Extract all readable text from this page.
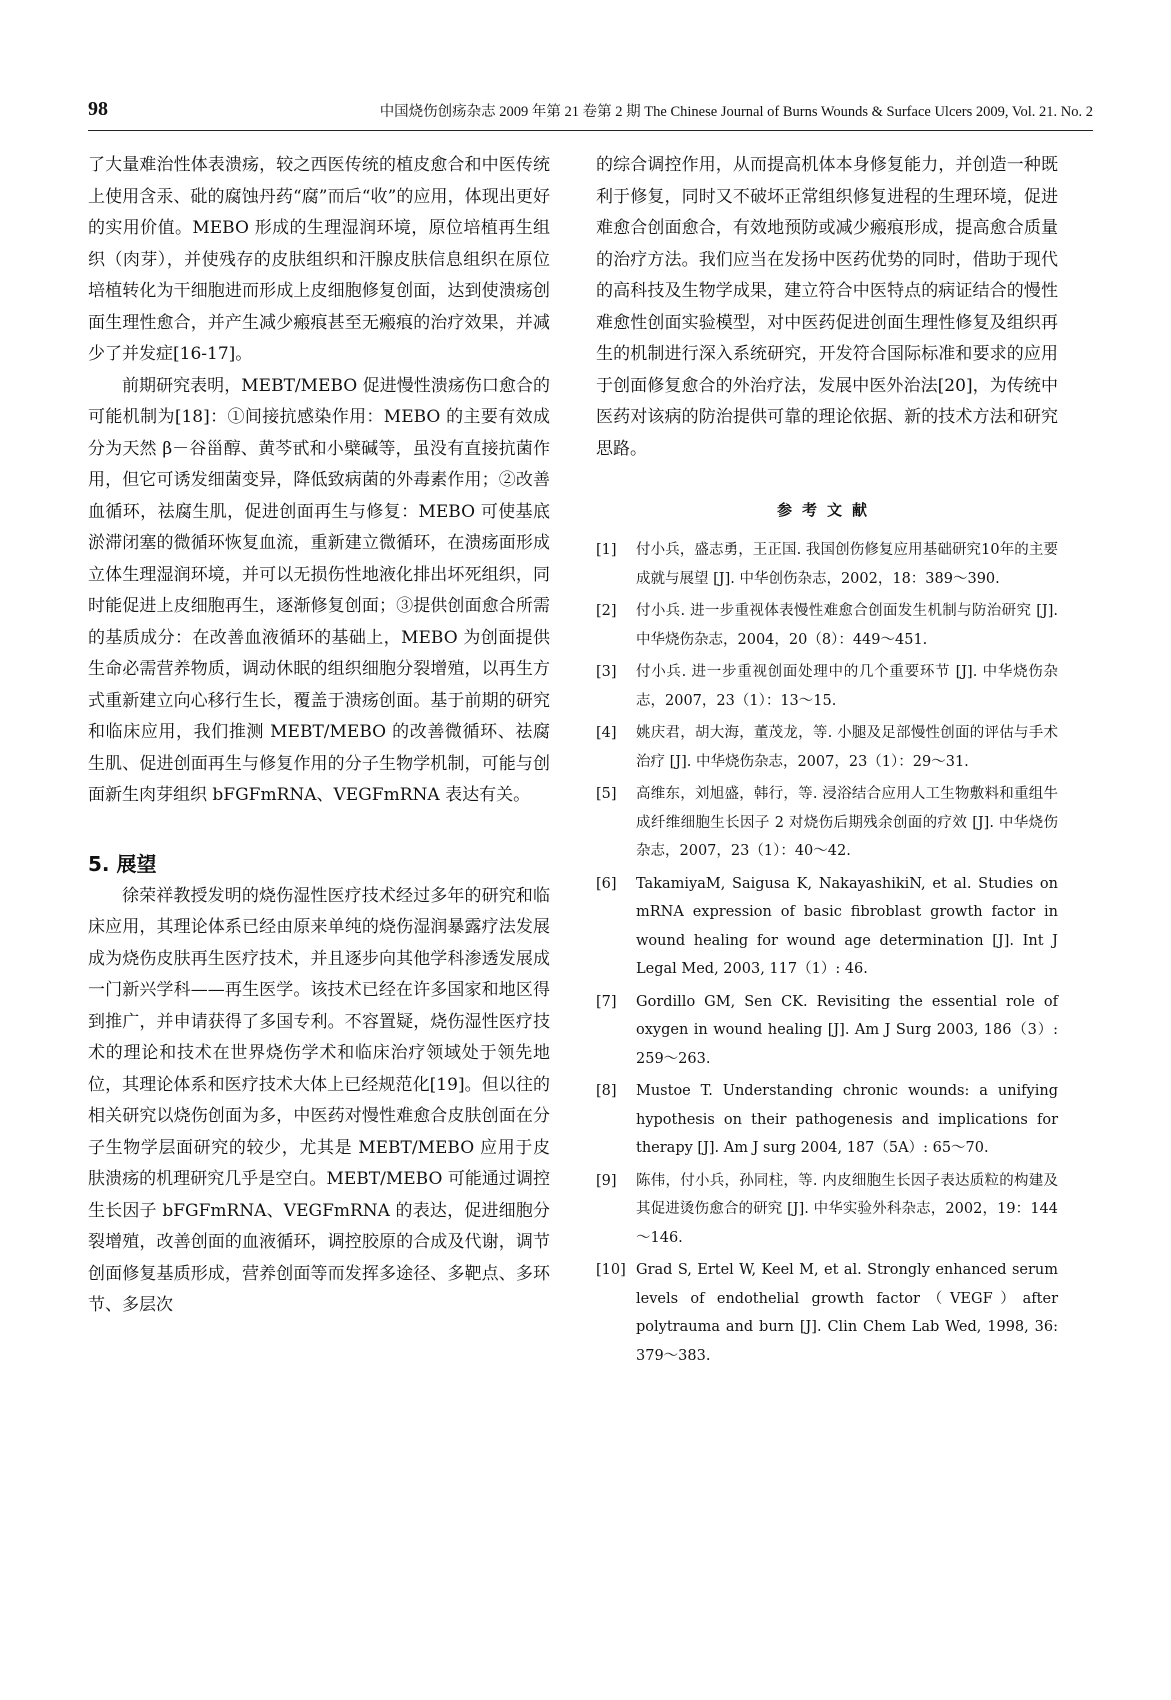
98	中国烧伤创疡杂志 2009 年第 21 卷第 2 期 The Chinese Journal of Burns Wounds & Surface Ulcers 2009, Vol. 21. No. 2

了大量难治性体表溃疡，较之西医传统的植皮愈合和中医传统上使用含汞、砒的腐蚀丹药“腐”而后“收”的应用，体现出更好的实用价值。MEBO 形成的生理湿润环境，原位培植再生组织（肉芽），并使残存的皮肤组织和汗腺皮肤信息组织在原位培植转化为干细胞进而形成上皮细胞修复创面，达到使溃疡创面生理性愈合，并产生减少瘢痕甚至无瘢痕的治疗效果，并减少了并发症[16-17]。

前期研究表明，MEBT/MEBO 促进慢性溃疡伤口愈合的可能机制为[18]：①间接抗感染作用：MEBO 的主要有效成分为天然 β－谷甾醇、黄芩甙和小檗碱等，虽没有直接抗菌作用，但它可诱发细菌变异，降低致病菌的外毒素作用；②改善血循环，祛腐生肌，促进创面再生与修复：MEBO 可使基底淤滞闭塞的微循环恢复血流，重新建立微循环，在溃疡面形成立体生理湿润环境，并可以无损伤性地液化排出坏死组织，同时能促进上皮细胞再生，逐渐修复创面；③提供创面愈合所需的基质成分：在改善血液循环的基础上，MEBO 为创面提供生命必需营养物质，调动休眠的组织细胞分裂增殖，以再生方式重新建立向心移行生长，覆盖于溃疡创面。基于前期的研究和临床应用，我们推测 MEBT/MEBO 的改善微循环、祛腐生肌、促进创面再生与修复作用的分子生物学机制，可能与创面新生肉芽组织 bFGFmRNA、VEGFmRNA 表达有关。

5. 展望

徐荣祥教授发明的烧伤湿性医疗技术经过多年的研究和临床应用，其理论体系已经由原来单纯的烧伤湿润暴露疗法发展成为烧伤皮肤再生医疗技术，并且逐步向其他学科渗透发展成一门新兴学科——再生医学。该技术已经在许多国家和地区得到推广，并申请获得了多国专利。不容置疑，烧伤湿性医疗技术的理论和技术在世界烧伤学术和临床治疗领域处于领先地位，其理论体系和医疗技术大体上已经规范化[19]。但以往的相关研究以烧伤创面为多，中医药对慢性难愈合皮肤创面在分子生物学层面研究的较少，尤其是 MEBT/MEBO 应用于皮肤溃疡的机理研究几乎是空白。MEBT/MEBO 可能通过调控生长因子 bFGFmRNA、VEGFmRNA 的表达，促进细胞分裂增殖，改善创面的血液循环，调控胶原的合成及代谢，调节创面修复基质形成，营养创面等而发挥多途径、多靶点、多环节、多层次

的综合调控作用，从而提高机体本身修复能力，并创造一种既利于修复，同时又不破坏正常组织修复进程的生理环境，促进难愈合创面愈合，有效地预防或减少瘢痕形成，提高愈合质量的治疗方法。我们应当在发扬中医药优势的同时，借助于现代的高科技及生物学成果，建立符合中医特点的病证结合的慢性难愈性创面实验模型，对中医药促进创面生理性修复及组织再生的机制进行深入系统研究，开发符合国际标准和要求的应用于创面修复愈合的外治疗法，发展中医外治法[20]，为传统中医药对该病的防治提供可靠的理论依据、新的技术方法和研究思路。

参考文献
[1] 付小兵，盛志勇，王正国. 我国创伤修复应用基础研究10年的主要成就与展望 [J]. 中华创伤杂志，2002，18：389～390.
[2] 付小兵. 进一步重视体表慢性难愈合创面发生机制与防治研究 [J]. 中华烧伤杂志，2004，20（8）：449～451.
[3] 付小兵. 进一步重视创面处理中的几个重要环节 [J]. 中华烧伤杂志，2007，23（1）：13～15.
[4] 姚庆君，胡大海，董茂龙，等. 小腿及足部慢性创面的评估与手术治疗 [J]. 中华烧伤杂志，2007，23（1）：29～31.
[5] 高维东，刘旭盛，韩行，等. 浸浴结合应用人工生物敷料和重组牛成纤维细胞生长因子 2 对烧伤后期残余创面的疗效 [J]. 中华烧伤杂志，2007，23（1）：40～42.
[6] TakamiyaM, Saigusa K, NakayashikiN, et al. Studies on mRNA expression of basic fibroblast growth factor in wound healing for wound age determination [J]. Int J Legal Med, 2003, 117（1）: 46.
[7] Gordillo GM, Sen CK. Revisiting the essential role of oxygen in wound healing [J]. Am J Surg 2003, 186（3）: 259～263.
[8] Mustoe T. Understanding chronic wounds: a unifying hypothesis on their pathogenesis and implications for therapy [J]. Am J surg 2004, 187（5A）: 65～70.
[9] 陈伟，付小兵，孙同柱，等. 内皮细胞生长因子表达质粒的构建及其促进烫伤愈合的研究 [J]. 中华实验外科杂志，2002，19：144～146.
[10] Grad S, Ertel W, Keel M, et al. Strongly enhanced serum levels of endothelial growth factor（VEGF）after polytrauma and burn [J]. Clin Chem Lab Wed, 1998, 36: 379～383.
